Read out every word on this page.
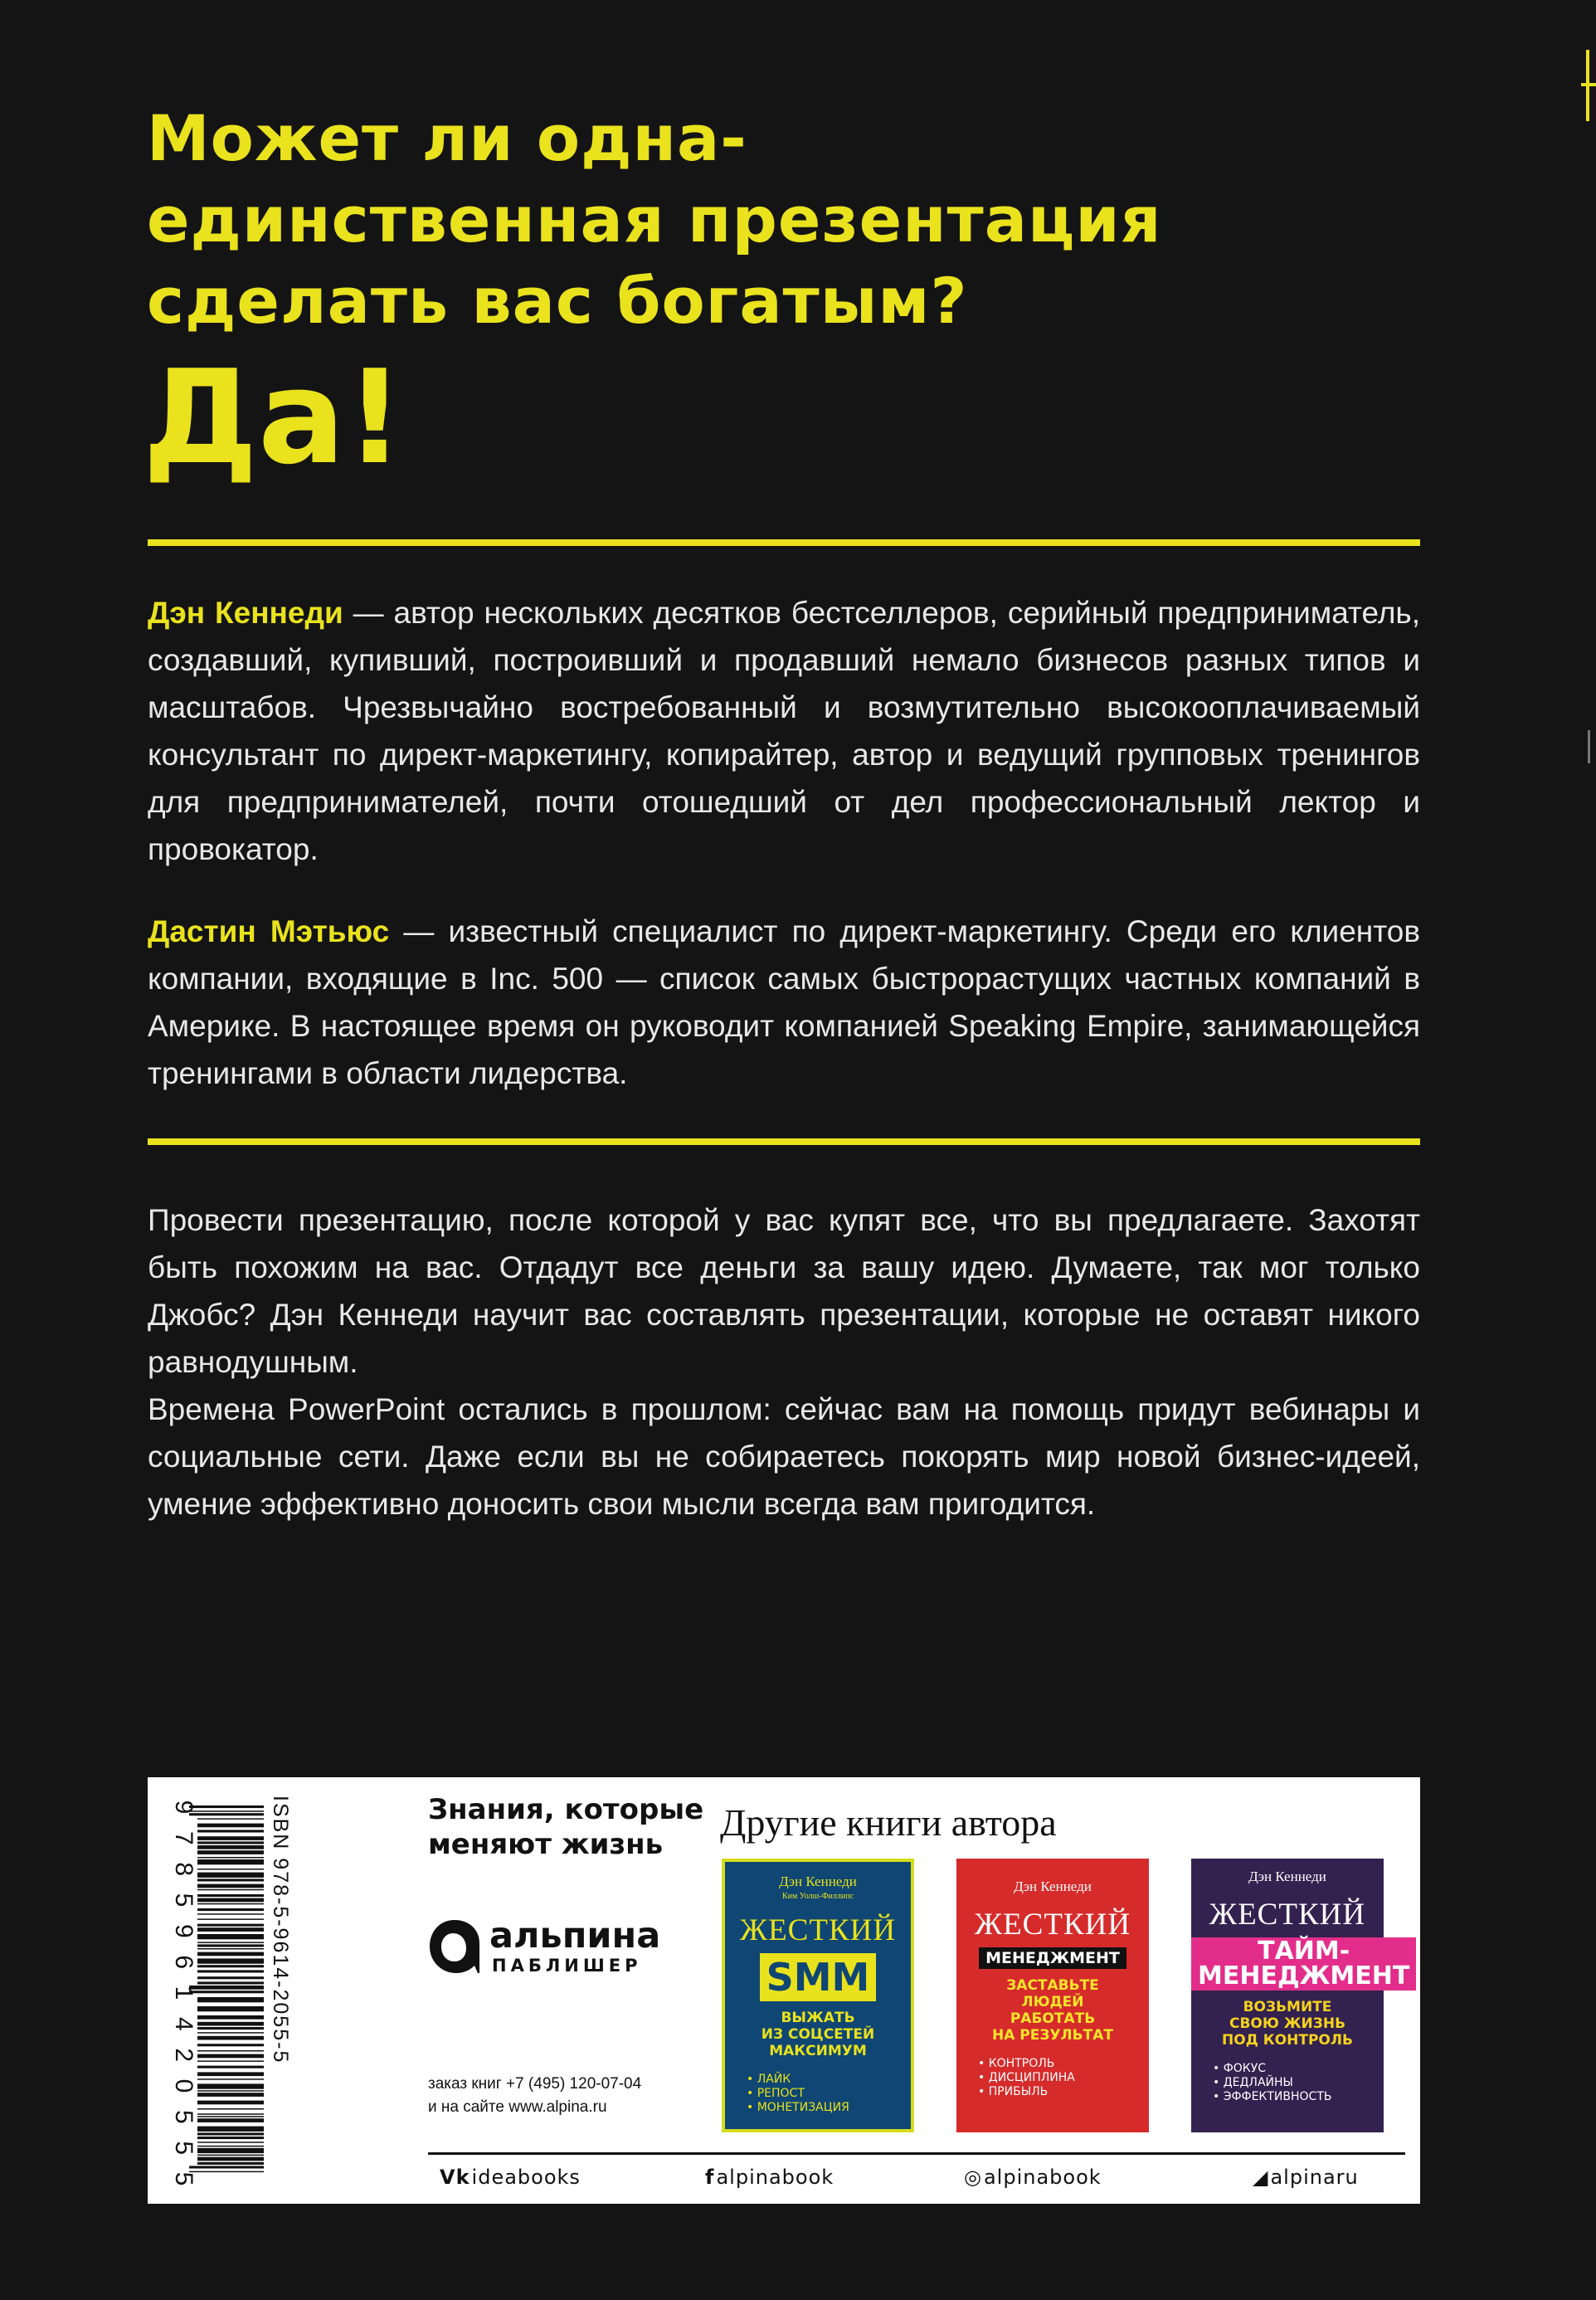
Может ли одна-
единственная презентация
сделать вас богатым?
Да!
Дэн Кеннеди — автор нескольких десятков бестселлеров, серийный предприниматель, создавший, купивший, построивший и продавший немало бизнесов разных типов и масштабов. Чрезвычайно востребованный и возмутительно высокооплачиваемый консультант по директ-маркетингу, копирайтер, автор и ведущий групповых тренингов для предпринимателей, почти отошедший от дел профессиональный лектор и провокатор.
Дастин Мэтьюс — известный специалист по директ-маркетингу. Среди его клиентов компании, входящие в Inc. 500 — список самых быстрорастущих частных компаний в Америке. В настоящее время он руководит компанией Speaking Empire, занимающейся тренингами в области лидерства.
Провести презентацию, после которой у вас купят все, что вы предлагаете. Захотят быть похожим на вас. Отдадут все деньги за вашу идею. Думаете, так мог только Джобс? Дэн Кеннеди научит вас составлять презентации, которые не оставят никого равнодушным.
Времена PowerPoint остались в прошлом: сейчас вам на помощь придут вебинары и социальные сети. Даже если вы не собираетесь покорять мир новой бизнес-идеей, умение эффективно доносить свои мысли всегда вам пригодится.
9
7
8
5
9
6
1
4
2
0
5
5
5
ISBN 978-5-9614-2055-5	Знания, которые
меняют жизнь
альпина
ПАБЛИШЕР
заказ книг +7 (495) 120-07-04
и на сайте www.alpina.ru
Другие книги автора
Дэн Кеннеди
Ким Уолш-Филлипс
ЖЕСТКИЙ
SMM
ВЫЖАТЬ
ИЗ СОЦСЕТЕЙ
МАКСИМУМ
• ЛАЙК
• РЕПОСТ
• МОНЕТИЗАЦИЯ
Дэн Кеннеди
ЖЕСТКИЙ
МЕНЕДЖМЕНТ
ЗАСТАВЬТЕ
ЛЮДЕЙ
РАБОТАТЬ
НА РЕЗУЛЬТАТ
• КОНТРОЛЬ
• ДИСЦИПЛИНА
• ПРИБЫЛЬ
Дэн Кеннеди
ЖЕСТКИЙ
ТАЙМ-МЕНЕДЖМЕНТ
ВОЗЬМИТЕ
СВОЮ ЖИЗНЬ
ПОД КОНТРОЛЬ
• ФОКУС
• ДЕДЛАЙНЫ
• ЭФФЕКТИВНОСТЬ
Vkideabooks	falpinabook	◎alpinabook	◢alpinaru
